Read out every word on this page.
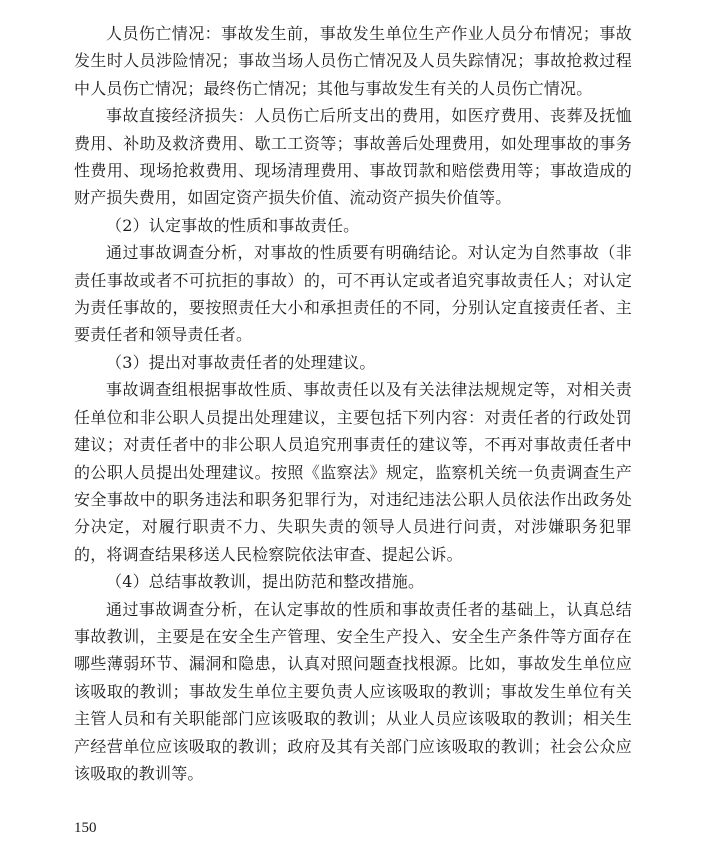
人员伤亡情况：事故发生前，事故发生单位生产作业人员分布情况；事故发生时人员涉险情况；事故当场人员伤亡情况及人员失踪情况；事故抢救过程中人员伤亡情况；最终伤亡情况；其他与事故发生有关的人员伤亡情况。

事故直接经济损失：人员伤亡后所支出的费用，如医疗费用、丧葬及抚恤费用、补助及救济费用、歇工工资等；事故善后处理费用，如处理事故的事务性费用、现场抢救费用、现场清理费用、事故罚款和赔偿费用等；事故造成的财产损失费用，如固定资产损失价值、流动资产损失价值等。

（2）认定事故的性质和事故责任。

通过事故调查分析，对事故的性质要有明确结论。对认定为自然事故（非责任事故或者不可抗拒的事故）的，可不再认定或者追究事故责任人；对认定为责任事故的，要按照责任大小和承担责任的不同，分别认定直接责任者、主要责任者和领导责任者。

（3）提出对事故责任者的处理建议。

事故调查组根据事故性质、事故责任以及有关法律法规规定等，对相关责任单位和非公职人员提出处理建议，主要包括下列内容：对责任者的行政处罚建议；对责任者中的非公职人员追究刑事责任的建议等，不再对事故责任者中的公职人员提出处理建议。按照《监察法》规定，监察机关统一负责调查生产安全事故中的职务违法和职务犯罪行为，对违纪违法公职人员依法作出政务处分决定，对履行职责不力、失职失责的领导人员进行问责，对涉嫌职务犯罪的，将调查结果移送人民检察院依法审查、提起公诉。

（4）总结事故教训，提出防范和整改措施。

通过事故调查分析，在认定事故的性质和事故责任者的基础上，认真总结事故教训，主要是在安全生产管理、安全生产投入、安全生产条件等方面存在哪些薄弱环节、漏洞和隐患，认真对照问题查找根源。比如，事故发生单位应该吸取的教训；事故发生单位主要负责人应该吸取的教训；事故发生单位有关主管人员和有关职能部门应该吸取的教训；从业人员应该吸取的教训；相关生产经营单位应该吸取的教训；政府及其有关部门应该吸取的教训；社会公众应该吸取的教训等。

150
